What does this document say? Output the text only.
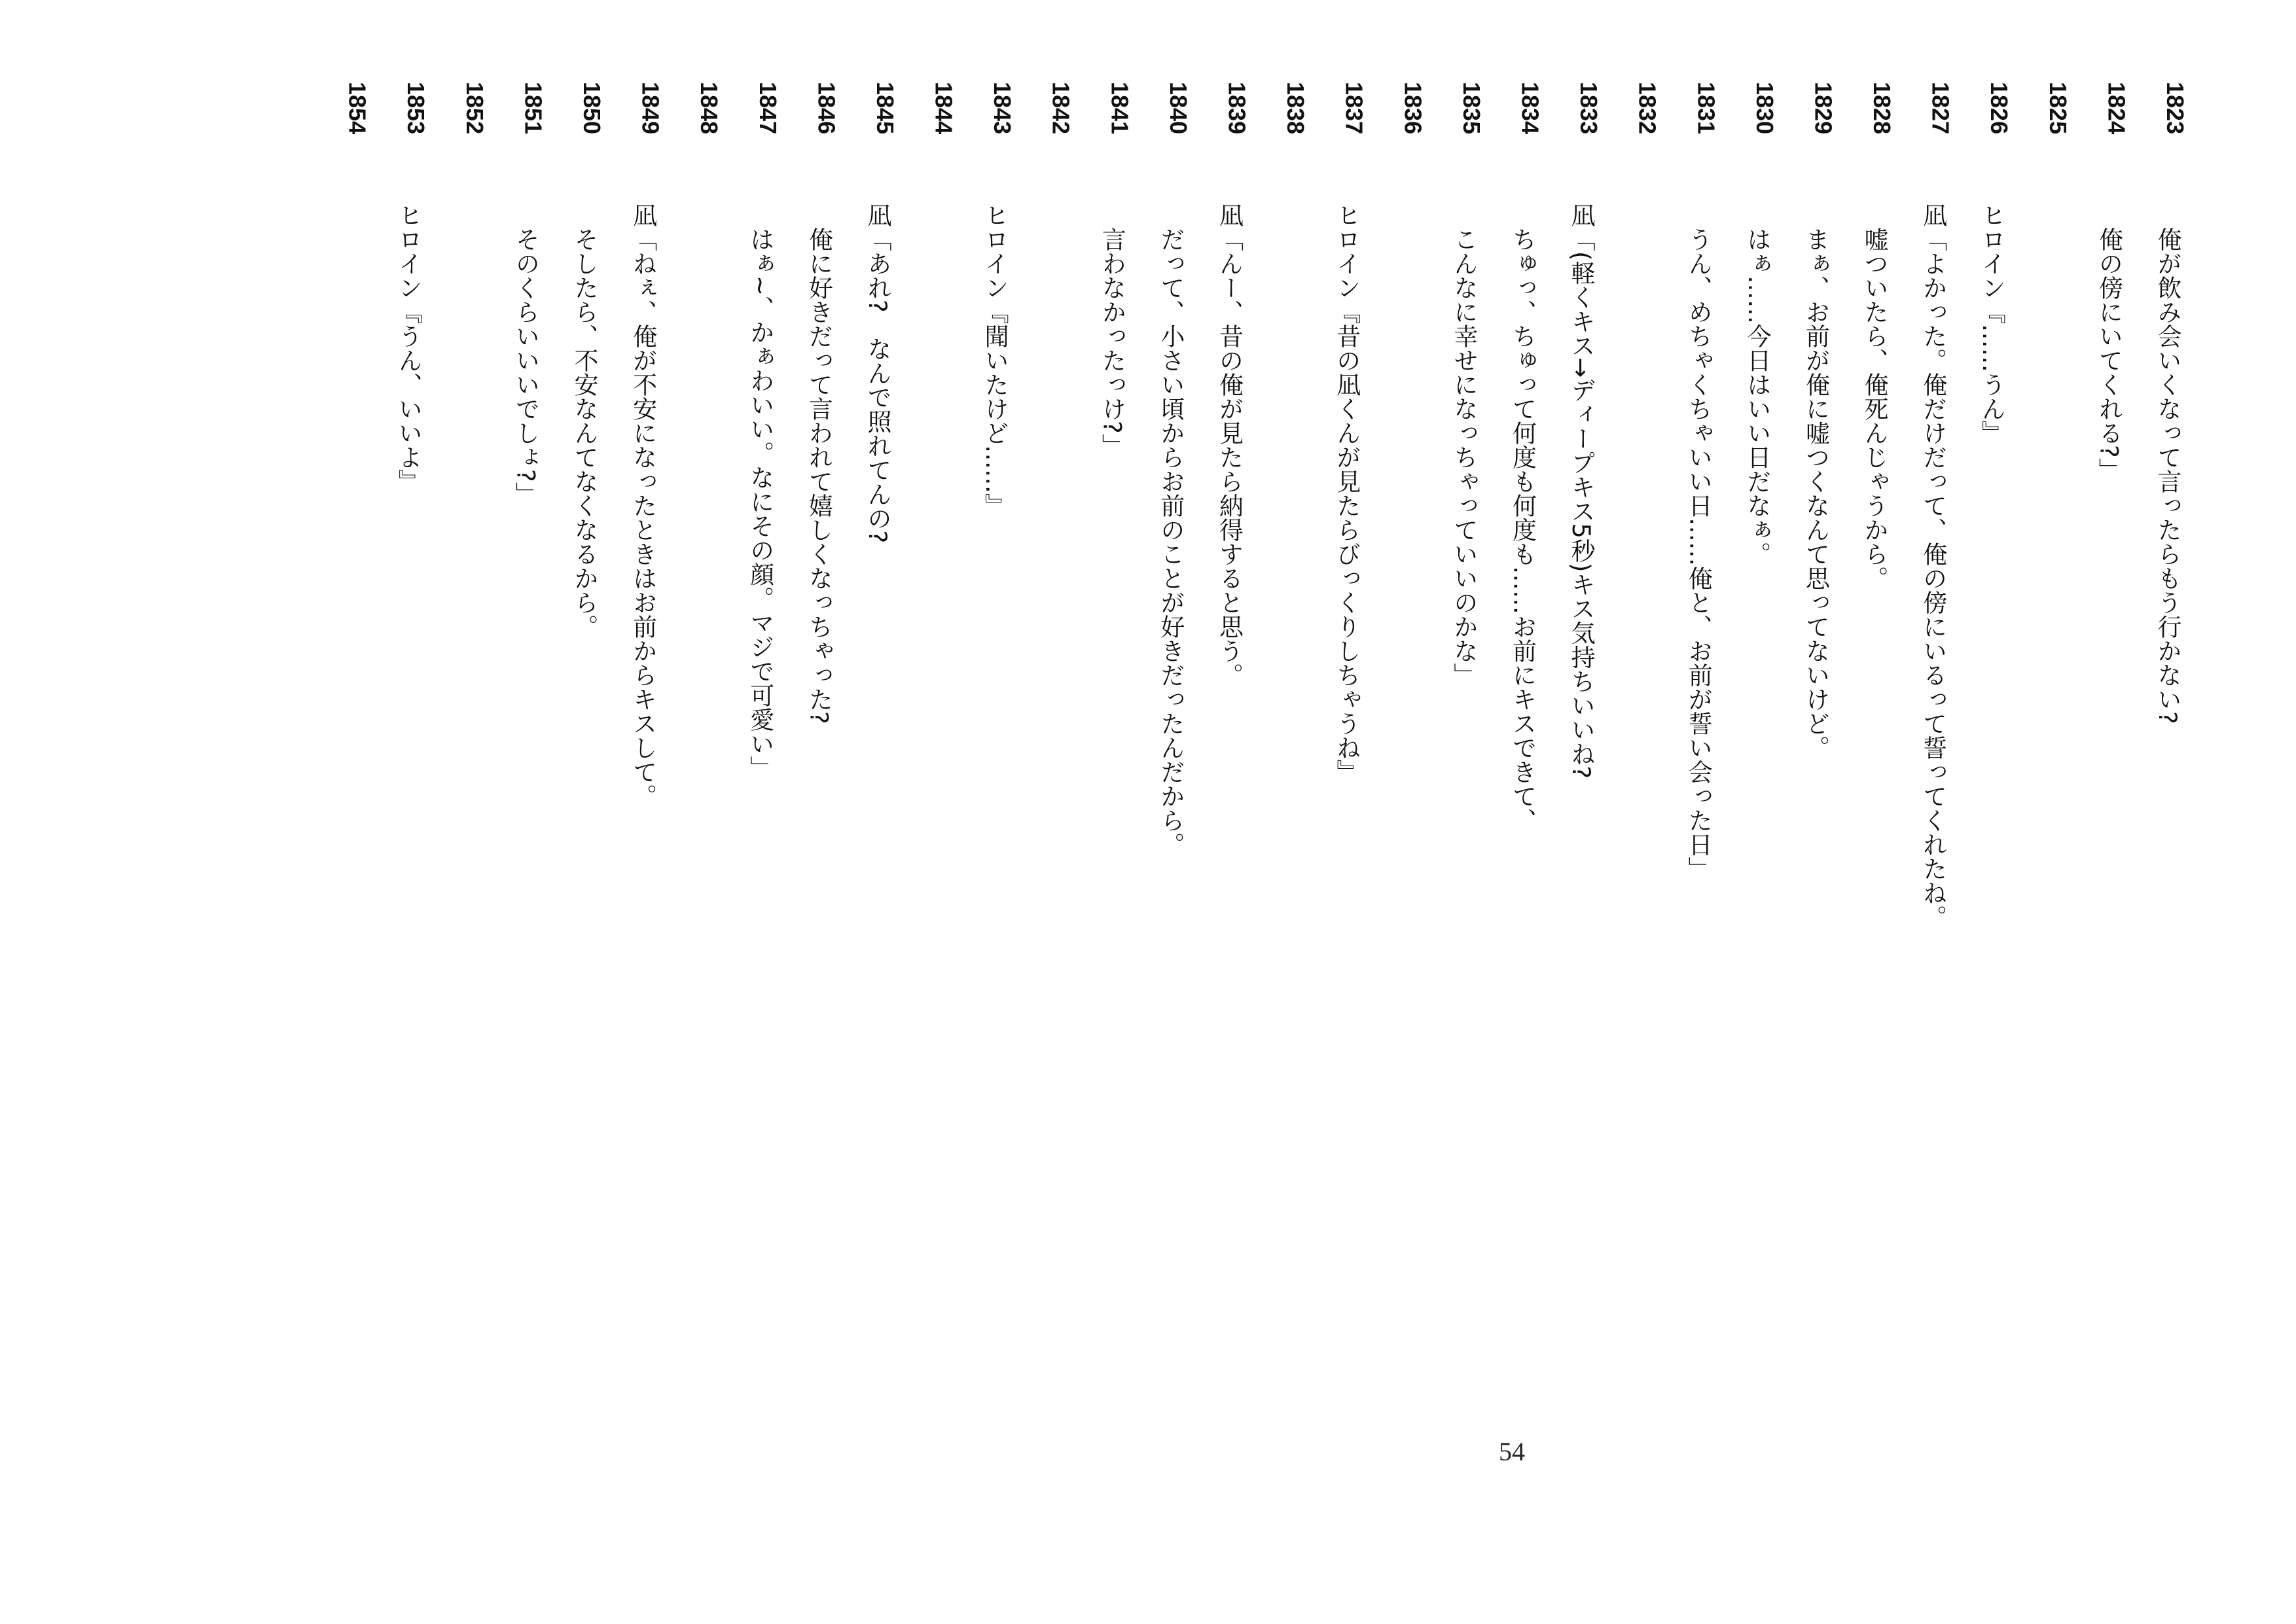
1823　俺が飲み会いくなって言ったらもう行かない?
1824　俺の傍にいてくれる?」
1825
1826ヒロイン『……うん』
1827凪「よかった。俺だけだって、俺の傍にいるって誓ってくれたね。
1828　嘘ついたら、俺死んじゃうから。
1829　まぁ、お前が俺に嘘つくなんて思ってないけど。
1830　はぁ……今日はいい日だなぁ。
1831　うん、めちゃくちゃいい日……俺と、お前が誓い会った日」
1832
1833凪「(軽くキス→ディープキス5秒)キス気持ちいいね?
1834　ちゅっ、ちゅって何度も何度も……お前にキスできて、
1835　こんなに幸せになっちゃっていいのかな」
1836
1837ヒロイン『昔の凪くんが見たらびっくりしちゃうね』
1838
1839凪「んー、昔の俺が見たら納得すると思う。
1840　だって、小さい頃からお前のことが好きだったんだから。
1841　言わなかったっけ?」
1842
1843ヒロイン『聞いたけど……』
1844
1845凪「あれ?　なんで照れてんの?
1846　俺に好きだって言われて嬉しくなっちゃった?
1847　はぁ~、かぁわいい。なにその顔。マジで可愛い」
1848
1849凪「ねぇ、俺が不安になったときはお前からキスして。
1850　そしたら、不安なんてなくなるから。
1851　そのくらいいいでしょ?」
1852
1853ヒロイン『うん、いいよ』
1854
54
